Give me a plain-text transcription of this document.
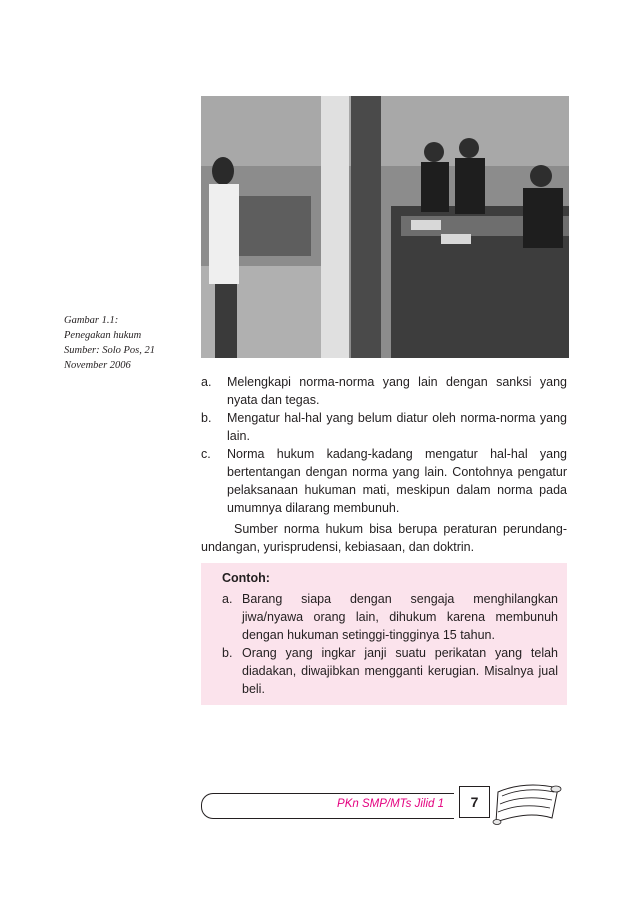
Gambar 1.1:
Penegakan hukum
Sumber: Solo Pos, 21
November 2006
a.	Melengkapi norma-norma yang lain dengan sanksi yang nyata dan tegas.
b.	Mengatur hal-hal yang belum diatur oleh norma-norma yang lain.
c.	Norma hukum kadang-kadang mengatur hal-hal yang bertentangan dengan norma yang lain. Contohnya pengatur pelaksanaan hukuman mati, meskipun dalam norma pada umumnya dilarang membunuh.
Sumber norma hukum bisa berupa peraturan perundang-undangan, yurisprudensi, kebiasaan, dan doktrin.
Contoh:
a. Barang siapa dengan sengaja menghilangkan jiwa/nyawa orang lain, dihukum karena membunuh dengan hukuman setinggi-tingginya 15 tahun.
b. Orang yang ingkar janji suatu perikatan yang telah diadakan, diwajibkan mengganti kerugian. Misalnya jual beli.
PKn SMP/MTs Jilid 1	7
